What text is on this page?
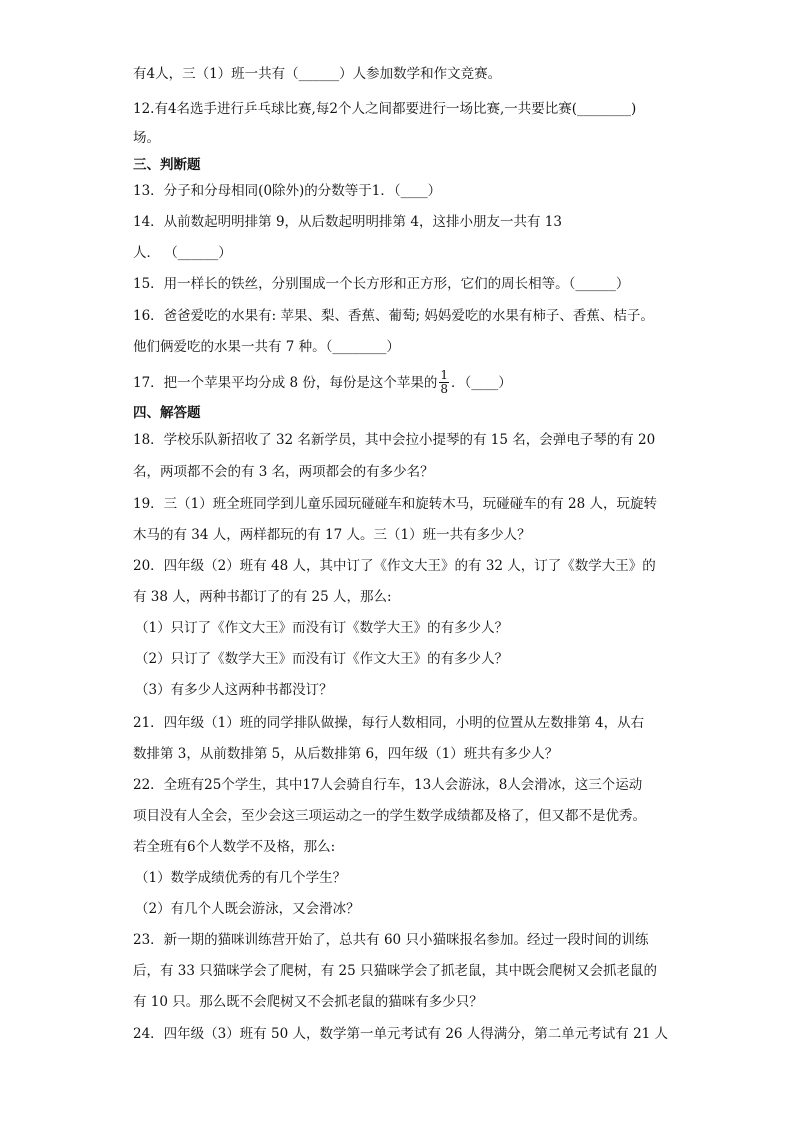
有4人，三（1）班一共有（______）人参加数学和作文竞赛。
12.有4名选手进行乒乓球比赛,每2个人之间都要进行一场比赛,一共要比赛(________)
场。
三、判断题
13．分子和分母相同(0除外)的分数等于1．（____）
14．从前数起明明排第 9，从后数起明明排第 4，这排小朋友一共有 13
人． （______）
15．用一样长的铁丝，分别围成一个长方形和正方形，它们的周长相等。（______）
16．爸爸爱吃的水果有: 苹果、梨、香蕉、葡萄; 妈妈爱吃的水果有柿子、香蕉、桔子。
他们俩爱吃的水果一共有 7 种。（________）
17．把一个苹果平均分成 8 份，每份是这个苹果的 $\frac{1}{8}$ ．（____）
四、解答题
18．学校乐队新招收了 32 名新学员，其中会拉小提琴的有 15 名，会弹电子琴的有 20
名，两项都不会的有 3 名，两项都会的有多少名？
19．三（1）班全班同学到儿童乐园玩碰碰车和旋转木马，玩碰碰车的有 28 人，玩旋转
木马的有 34 人，两样都玩的有 17 人。三（1）班一共有多少人？
20．四年级（2）班有 48 人，其中订了《作文大王》的有 32 人，订了《数学大王》的
有 38 人，两种书都订了的有 25 人，那么:
（1）只订了《作文大王》而没有订《数学大王》的有多少人？
（2）只订了《数学大王》而没有订《作文大王》的有多少人？
（3）有多少人这两种书都没订？
21．四年级（1）班的同学排队做操，每行人数相同，小明的位置从左数排第 4，从右
数排第 3，从前数排第 5，从后数排第 6，四年级（1）班共有多少人？
22．全班有25个学生，其中17人会骑自行车，13人会游泳，8人会滑冰，这三个运动
项目没有人全会，至少会这三项运动之一的学生数学成绩都及格了，但又都不是优秀。
若全班有6个人数学不及格，那么:
（1）数学成绩优秀的有几个学生？
（2）有几个人既会游泳，又会滑冰？
23．新一期的猫咪训练营开始了，总共有 60 只小猫咪报名参加。经过一段时间的训练
后，有 33 只猫咪学会了爬树，有 25 只猫咪学会了抓老鼠，其中既会爬树又会抓老鼠的
有 10 只。那么既不会爬树又不会抓老鼠的猫咪有多少只？
24．四年级（3）班有 50 人，数学第一单元考试有 26 人得满分，第二单元考试有 21 人
